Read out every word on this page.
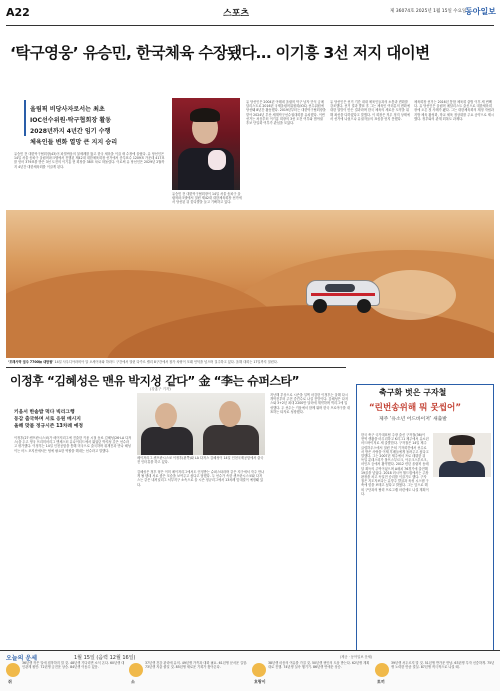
A22	스포츠	제 36074호 2025년 1월 15일 수요일
동아일보
‘탁구영웅’ 유승민, 한국체육 수장됐다… 이기흥 3선 저지 대이변
올림픽 비당사자로서는 최초
IOC선수위원·탁구협회장 활동
2028년까지 4년간 임기 수행
체육인들 변화 열망 큰 지지 승리
유승민 전 대한탁구협회장(43)이 파벌싸움의 불세례를 뚫고 한국 체육을 이끌 새 수장에 올랐다. 유 당선인은 14일 서울 송파구 올림픽파크텔에서 진행된 제42대 대한체육회장 선거에서 총투표수 1209표 가운데 417표를 얻어 379표를 받은 3선 도전의 이기흥 현 회장을 38표 차로 따돌렸다. 이로써 유 당선인은 2029년 2월까지 4년간 대한체육회를 이끌게 된다.
유승민 전 대한탁구협회장이 14일 서울 송파구 올림픽파크텔에서 열린 제42대 대한체육회장 선거에서 당선된 뒤 꽃다발을 들고 기뻐하고 있다.
유 당선인은 2004년 아테네 올림픽 탁구 남자 단식 금메달리스트로 2016년 국제올림픽위원회(IOC) 선수위원에 당선돼 8년간 활동했다. 2019년부터는 대한탁구협회장을 맡아 2024년 부산 세계탁구선수권대회를 유치했다. 이번 선거는 처음부터 이기흥 회장의 3선 도전 여부와 범야권 후보 단일화 여부가 관심을 모았다.
유 당선인은 선거 기간 내내 체육인들과의 소통과 변화를 강조했다. 선거 결과 발표 후 그는 체육인 여러분의 변화에 대한 열망이 만든 결과라며 한국 체육의 새로운 도약을 위해 최선을 다하겠다고 말했다. 이 회장은 직무 정지 상태에서 선거에 나섰으나 유권자들의 표심을 얻지 못했다.
체육회장 선거는 2016년 통합 체육회 출범 이후 세 번째다. 유 당선인은 올림픽 메달리스트 출신으로 대한체육회장에 오른 첫 사례가 됐다. 그는 대한체육회의 재정 자립과 지방 체육 활성화, 학교 체육 정상화를 주요 공약으로 제시했다. 정부와의 관계 회복도 과제다.
‘모래사막 질주 7700㎞ 대탐험’ 14일 사우디아라비아 알 오세이마와 하라드 구간에서 열린 다카르 랠리 8구간에서 참가 차량이 모래 언덕을 넘으며 질주하고 있다. 올해 대회는 17일까지 열린다.
이정후 “김혜성은 맨유 박지성 같다” 金 “李는 슈퍼스타”
(강홍구 기자)
키움서 한솥밥 먹다 빅리그행
동갑 출국하며 서로 응원 메시지
올해 맞붙 정규시즌 13차례 예정
이정후(27·샌프란시스코)가 메이저리그에 진출한 키움 시절 동료 김혜성(26·LA 다저스)을 두고 영국 프리미어리그 맨체스터 유나이티드에서 뛰었던 박지성 같은 선수라고 평가했다. 이정후는 14일 인천공항을 통해 미국으로 출국하며 취재진과 만나 혜성이는 어느 포지션에서든 팀에 필요한 역할을 해내는 선수라고 말했다.
메이저리그 샌프란시스코 이정후(왼쪽)와 LA 다저스 김혜성이 14일 인천국제공항에서 출국 전 인터뷰를 하고 있다.
김혜성은 정후 형은 이미 메이저리그에서도 인정받는 슈퍼스타라며 같은 지구에서 자주 만나게 될 텐데 서로 좋은 모습을 보여주고 싶다고 답했다. 두 선수가 속한 샌프란시스코와 다저스는 같은 내셔널리그 서부지구 소속으로 올 시즌 정규리그에서 13차례 맞대결이 예정돼 있다.
지난해 부상으로 시즌을 일찍 마감한 이정후는 올해 다시 개막전부터 주전 중견수로 나설 전망이다. 김혜성은 다저스와 3+2년 최대 2200만 달러에 계약하며 빅리그에 입성했다. 두 선수는 키움에서 함께 뛰며 한국 프로야구를 대표하는 타자로 성장했다.
축구화 벗은 구자철
“린번송위해 뭐 못씹어”
제주 ‘유소년 어드바이저’ 새출발
한국 축구 국가대표팀 주장 출신 구자철(36)이 현역 생활을 마무리하고 K리그1 제주에서 유소년 어드바이저로 새 출발한다. 구자철은 14일 제주 클럽하우스에서 열린 은퇴 기자회견에서 선수로서 받은 사랑을 이제 후배들에게 돌려주고 싶다고 말했다. 그는 2007년 제주에서 프로 데뷔한 뒤 독일 분데스리가 볼프스부르크, 아우크스부르크, 마인츠 등에서 활약했다. 2012 런던 올림픽 동메달 획득의 주역이었으며 A매치 76경기에 출전해 19골을 넣었다. 2018 러시아 월드컵에서는 주장 완장을 차고 독일전 승리를 이끌기도 했다. 구자철은 지도자보다는 유망주 발굴과 육성 시스템 구축에 힘을 보태고 싶다고 밝혔다. 그는 앞으로 해외 구단과의 협력 프로그램 마련에도 나설 계획이다.
오늘의 운세	1월 15일 (음력 12월 16일)	(제공 · 동아일보 운세)
쥐
36년생 작은 일에 집착하지 말 것. 48년생 기다리면 소식 온다. 60년생 대인관계 원만. 72년생 금전운 상승. 84년생 이동수 있음.
소
37년생 건강 관리에 유의. 49년생 가족과 대화 필요. 61년생 문서운 길함. 73년생 지출 줄일 것. 85년생 새로운 기회가 찾아온다.
호랑이
38년생 마음의 여유를 가질 것. 50년생 귀인의 도움 받는다. 62년생 계획대로 진행. 74년생 실속 챙기기. 86년생 연애운 상승.
토끼
39년생 서두르지 말 것. 51년생 반가운 만남. 63년생 투자 신중하게. 75년생 노력한 만큼 결실. 87년생 적극적으로 나설 때.
